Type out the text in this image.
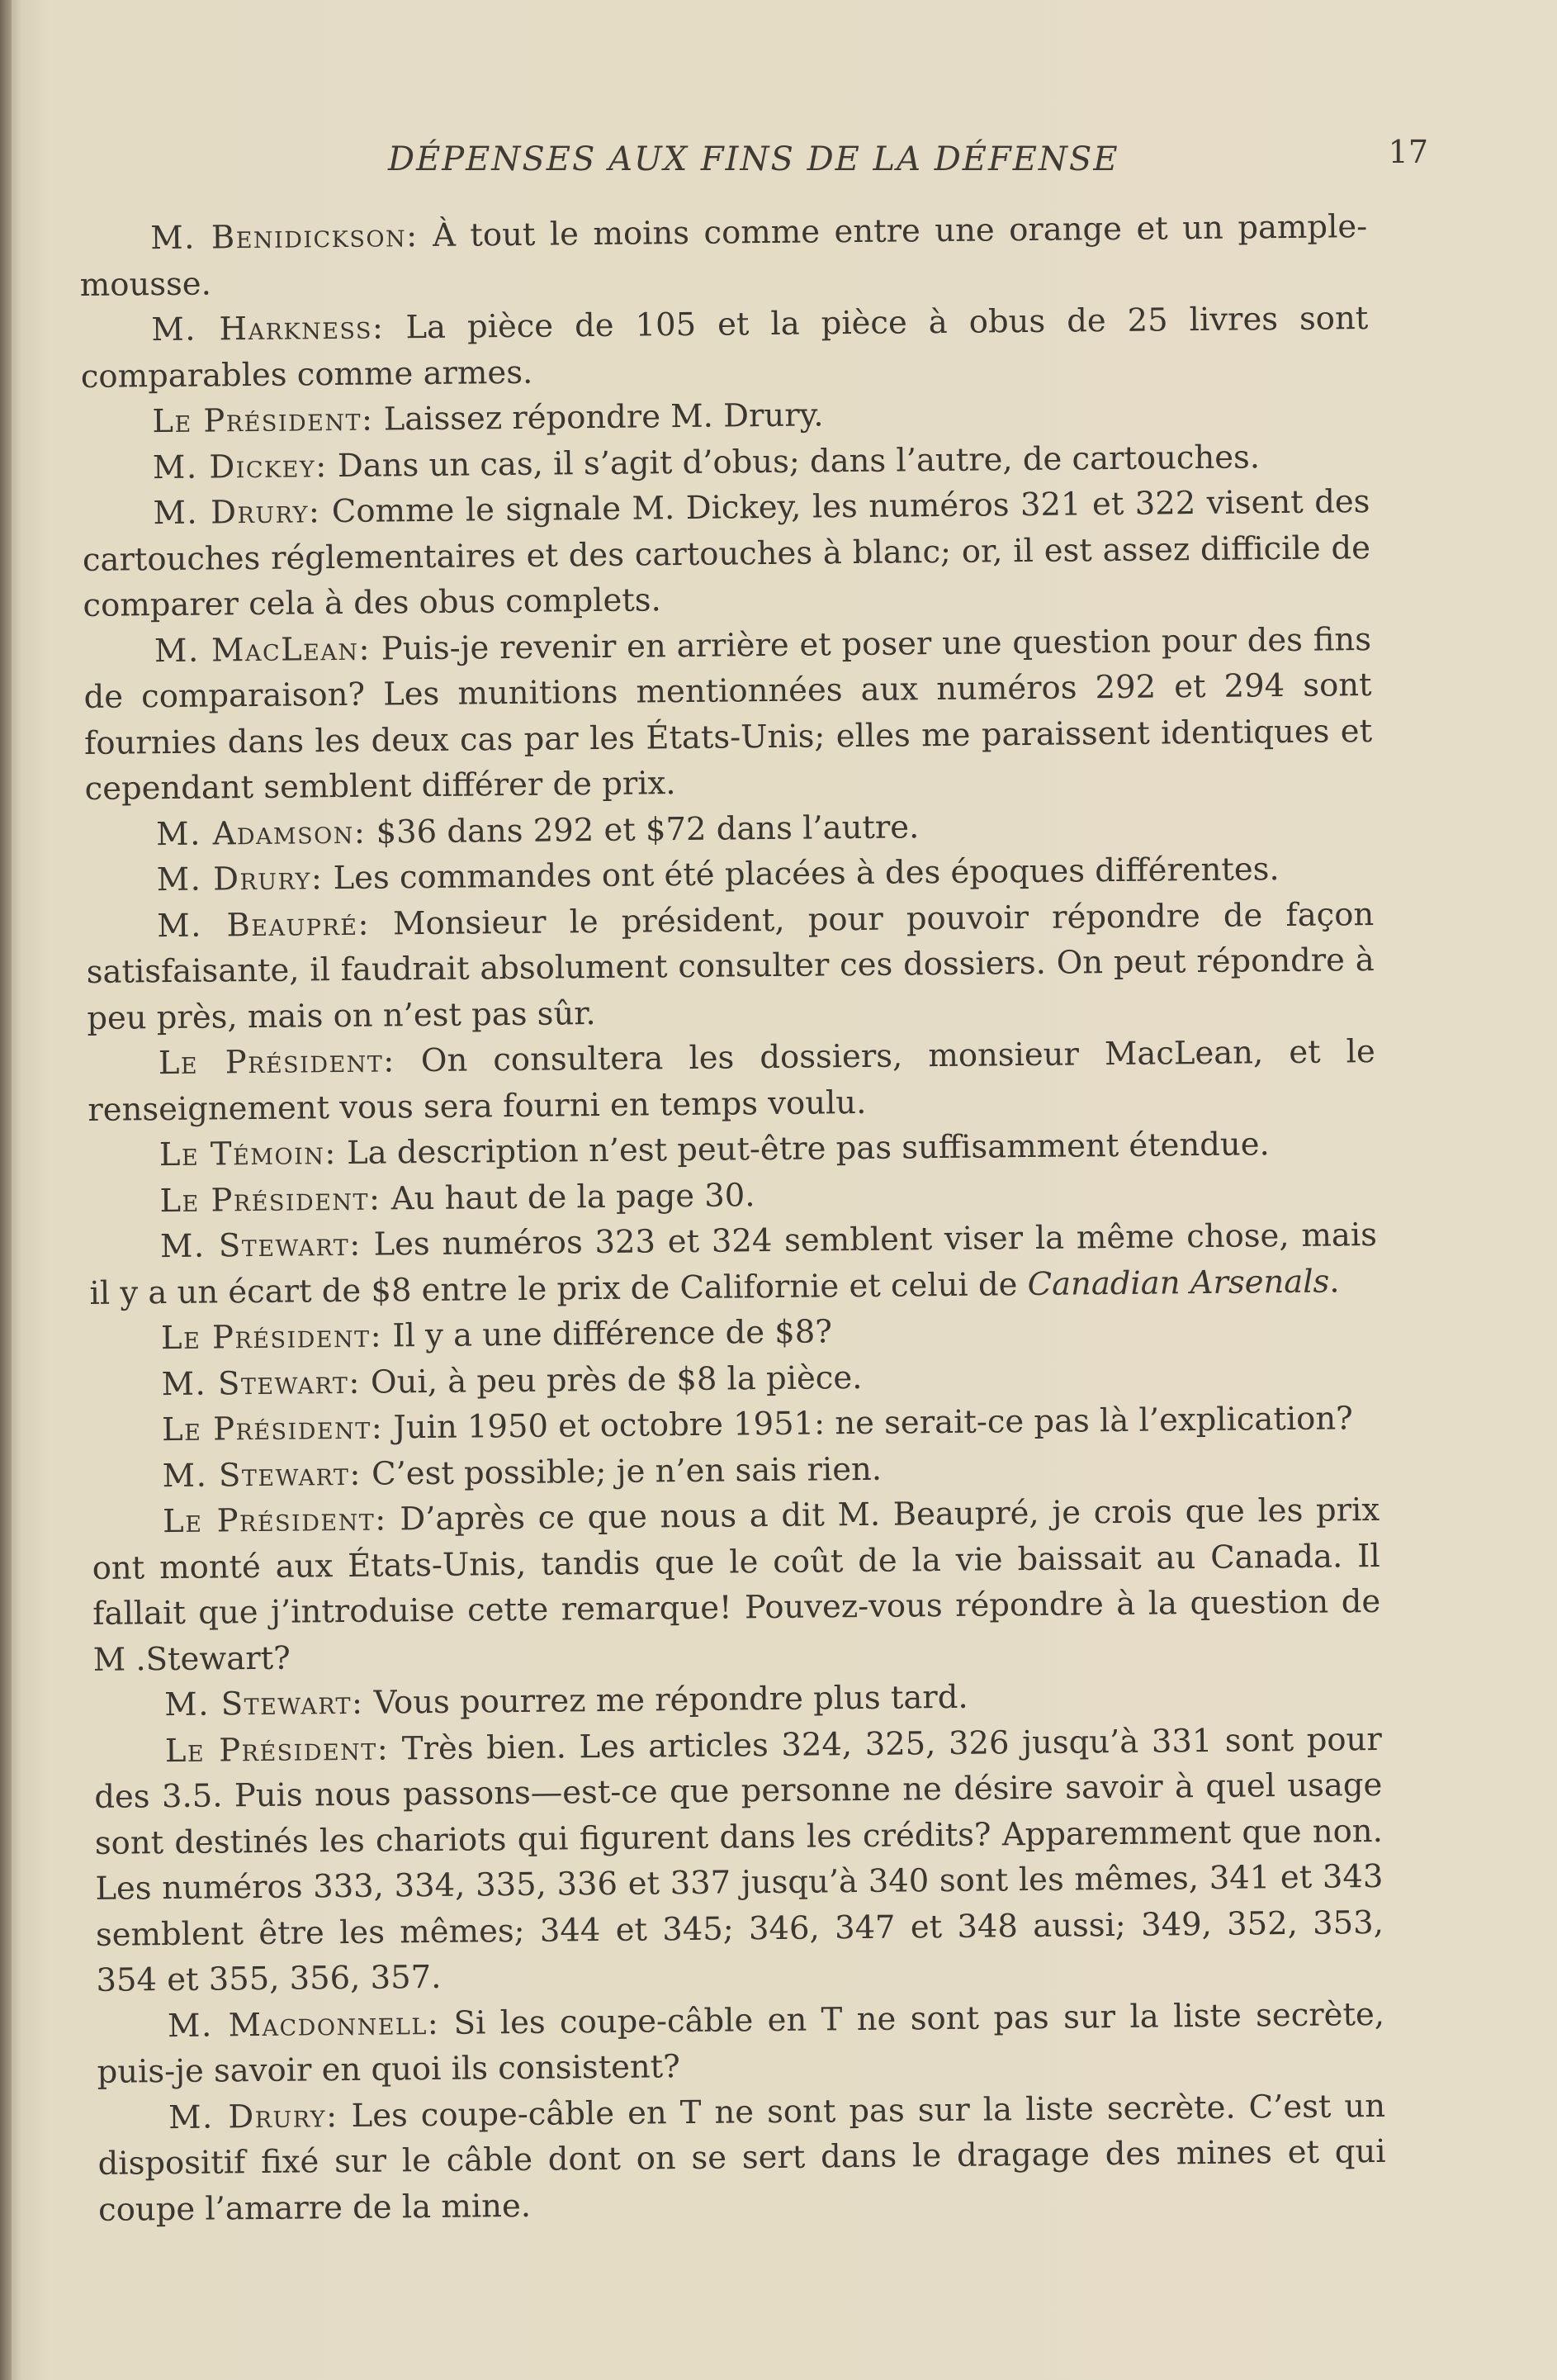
DÉPENSES AUX FINS DE LA DÉFENSE	17

M. Benidickson: À tout le moins comme entre une orange et un pample-mousse.

M. Harkness: La pièce de 105 et la pièce à obus de 25 livres sont comparables comme armes.

Le Président: Laissez répondre M. Drury.

M. Dickey: Dans un cas, il s’agit d’obus; dans l’autre, de cartouches.

M. Drury: Comme le signale M. Dickey, les numéros 321 et 322 visent des cartouches réglementaires et des cartouches à blanc; or, il est assez difficile de comparer cela à des obus complets.

M. MacLean: Puis-je revenir en arrière et poser une question pour des fins de comparaison? Les munitions mentionnées aux numéros 292 et 294 sont fournies dans les deux cas par les États-Unis; elles me paraissent identiques et cependant semblent différer de prix.

M. Adamson: $36 dans 292 et $72 dans l’autre.

M. Drury: Les commandes ont été placées à des époques différentes.

M. Beaupré: Monsieur le président, pour pouvoir répondre de façon satisfaisante, il faudrait absolument consulter ces dossiers. On peut répondre à peu près, mais on n’est pas sûr.

Le Président: On consultera les dossiers, monsieur MacLean, et le renseignement vous sera fourni en temps voulu.

Le Témoin: La description n’est peut-être pas suffisamment étendue.

Le Président: Au haut de la page 30.

M. Stewart: Les numéros 323 et 324 semblent viser la même chose, mais il y a un écart de $8 entre le prix de Californie et celui de Canadian Arsenals.

Le Président: Il y a une différence de $8?

M. Stewart: Oui, à peu près de $8 la pièce.

Le Président: Juin 1950 et octobre 1951: ne serait-ce pas là l’explication?

M. Stewart: C’est possible; je n’en sais rien.

Le Président: D’après ce que nous a dit M. Beaupré, je crois que les prix ont monté aux États-Unis, tandis que le coût de la vie baissait au Canada. Il fallait que j’introduise cette remarque! Pouvez-vous répondre à la question de M .Stewart?

M. Stewart: Vous pourrez me répondre plus tard.

Le Président: Très bien. Les articles 324, 325, 326 jusqu’à 331 sont pour des 3.5. Puis nous passons—est-ce que personne ne désire savoir à quel usage sont destinés les chariots qui figurent dans les crédits? Apparemment que non. Les numéros 333, 334, 335, 336 et 337 jusqu’à 340 sont les mêmes, 341 et 343 semblent être les mêmes; 344 et 345; 346, 347 et 348 aussi; 349, 352, 353, 354 et 355, 356, 357.

M. Macdonnell: Si les coupe-câble en T ne sont pas sur la liste secrète, puis-je savoir en quoi ils consistent?

M. Drury: Les coupe-câble en T ne sont pas sur la liste secrète. C’est un dispositif fixé sur le câble dont on se sert dans le dragage des mines et qui coupe l’amarre de la mine.
